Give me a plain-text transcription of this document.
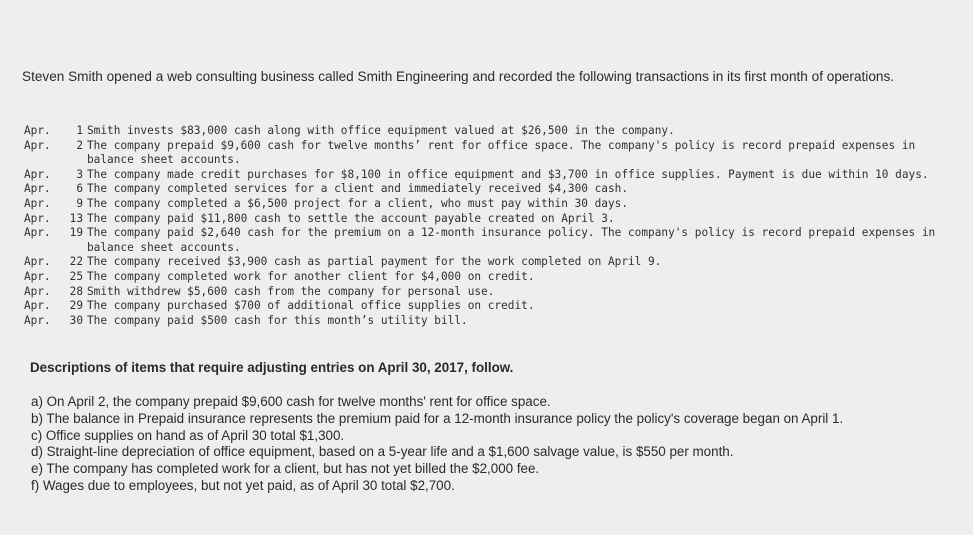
Steven Smith opened a web consulting business called Smith Engineering and recorded the following transactions in its first month of operations.
Apr.	1 Smith invests $83,000 cash along with office equipment valued at $26,500 in the company.
Apr.	2 The company prepaid $9,600 cash for twelve months’ rent for office space. The company's policy is record prepaid expenses in balance sheet accounts.
Apr.	3 The company made credit purchases for $8,100 in office equipment and $3,700 in office supplies. Payment is due within 10 days.
Apr.	6 The company completed services for a client and immediately received $4,300 cash.
Apr.	9 The company completed a $6,500 project for a client, who must pay within 30 days.
Apr.	13 The company paid $11,800 cash to settle the account payable created on April 3.
Apr.	19 The company paid $2,640 cash for the premium on a 12-month insurance policy. The company's policy is record prepaid expenses in balance sheet accounts.
Apr.	22 The company received $3,900 cash as partial payment for the work completed on April 9.
Apr.	25 The company completed work for another client for $4,000 on credit.
Apr.	28 Smith withdrew $5,600 cash from the company for personal use.
Apr.	29 The company purchased $700 of additional office supplies on credit.
Apr.	30 The company paid $500 cash for this month’s utility bill.
Descriptions of items that require adjusting entries on April 30, 2017, follow.
a) On April 2, the company prepaid $9,600 cash for twelve months' rent for office space.
b) The balance in Prepaid insurance represents the premium paid for a 12-month insurance policy the policy's coverage began on April 1.
c) Office supplies on hand as of April 30 total $1,300.
d) Straight-line depreciation of office equipment, based on a 5-year life and a $1,600 salvage value, is $550 per month.
e) The company has completed work for a client, but has not yet billed the $2,000 fee.
f) Wages due to employees, but not yet paid, as of April 30 total $2,700.
